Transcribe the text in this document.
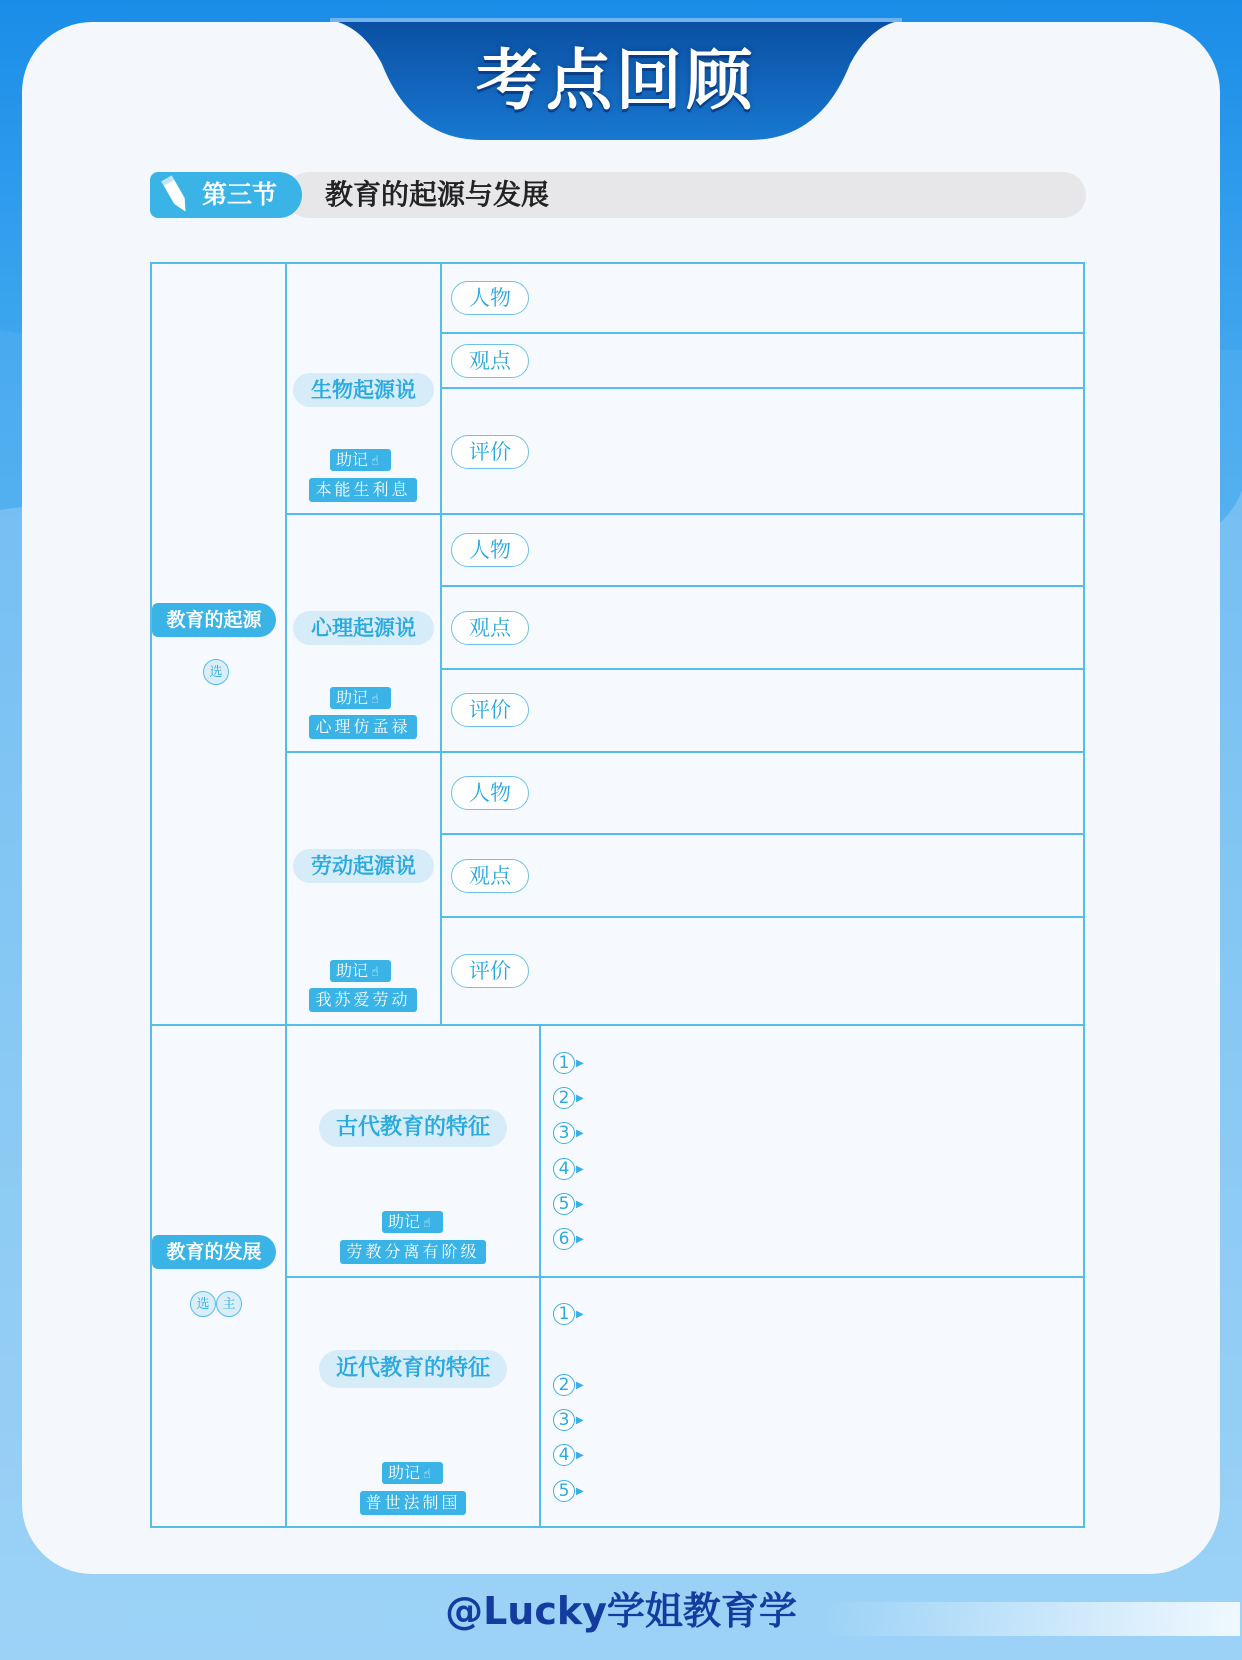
考点回顾
第三节 教育的起源与发展
教育的起源
选
生物起源说
助记 ☝
本能生利息
人物
观点
评价
心理起源说
助记 ☝
心理仿孟禄
人物
观点
评价
劳动起源说
助记 ☝
我苏爱劳动
人物
观点
评价
教育的发展
选 主
古代教育的特征
助记 ☝
劳教分离有阶级
1 ▶
2 ▶
3 ▶
4 ▶
5 ▶
6 ▶
近代教育的特征
助记 ☝
普世法制国
1 ▶
2 ▶
3 ▶
4 ▶
5 ▶
@Lucky学姐教育学
